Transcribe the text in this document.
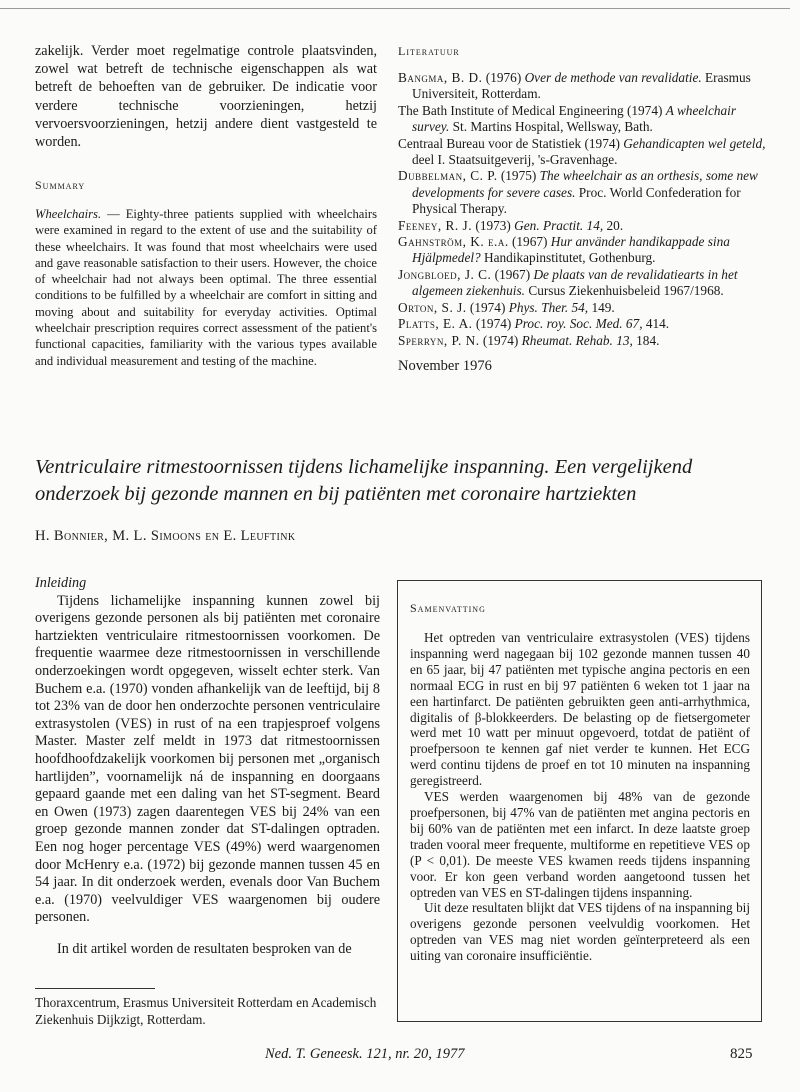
zakelijk. Verder moet regelmatige controle plaatsvinden, zowel wat betreft de technische eigenschappen als wat betreft de behoeften van de gebruiker. De indicatie voor verdere technische voorzieningen, hetzij vervoersvoorzieningen, hetzij andere dient vastgesteld te worden.

Summary

Wheelchairs. — Eighty-three patients supplied with wheelchairs were examined in regard to the extent of use and the suitability of these wheelchairs. It was found that most wheelchairs were used and gave reasonable satisfaction to their users. However, the choice of wheelchair had not always been optimal. The three essential conditions to be fulfilled by a wheelchair are comfort in sitting and moving about and suitability for everyday activities. Optimal wheelchair prescription requires correct assessment of the patient's functional capacities, familiarity with the various types available and individual measurement and testing of the machine.

Literatuur

Bangma, B. D. (1976) Over de methode van revalidatie. Erasmus Universiteit, Rotterdam.

The Bath Institute of Medical Engineering (1974) A wheelchair survey. St. Martins Hospital, Wellsway, Bath.

Centraal Bureau voor de Statistiek (1974) Gehandicapten wel geteld, deel I. Staatsuitgeverij, 's-Gravenhage.

Dubbelman, C. P. (1975) The wheelchair as an orthesis, some new developments for severe cases. Proc. World Confederation for Physical Therapy.

Feeney, R. J. (1973) Gen. Practit. 14, 20.

Gahnström, K. e.a. (1967) Hur använder handikappade sina Hjälpmedel? Handikapinstitutet, Gothenburg.

Jongbloed, J. C. (1967) De plaats van de revalidatiearts in het algemeen ziekenhuis. Cursus Ziekenhuisbeleid 1967/1968.

Orton, S. J. (1974) Phys. Ther. 54, 149.

Platts, E. A. (1974) Proc. roy. Soc. Med. 67, 414.

Sperryn, P. N. (1974) Rheumat. Rehab. 13, 184.

November 1976
Ventriculaire ritmestoornissen tijdens lichamelijke inspanning. Een vergelijkend onderzoek bij gezonde mannen en bij patiënten met coronaire hartziekten
H. Bonnier, M. L. Simoons en E. Leuftink
Inleiding

Tijdens lichamelijke inspanning kunnen zowel bij overigens gezonde personen als bij patiënten met coronaire hartziekten ventriculaire ritmestoornissen voorkomen. De frequentie waarmee deze ritmestoornissen in verschillende onderzoekingen wordt opgegeven, wisselt echter sterk. Van Buchem e.a. (1970) vonden afhankelijk van de leeftijd, bij 8 tot 23% van de door hen onderzochte personen ventriculaire extrasystolen (VES) in rust of na een trapjesproef volgens Master. Master zelf meldt in 1973 dat ritmestoornissen hoofdhoofdzakelijk voorkomen bij personen met „organisch hartlijden”, voornamelijk ná de inspanning en doorgaans gepaard gaande met een daling van het ST-segment. Beard en Owen (1973) zagen daarentegen VES bij 24% van een groep gezonde mannen zonder dat ST-dalingen optraden. Een nog hoger percentage VES (49%) werd waargenomen door McHenry e.a. (1972) bij gezonde mannen tussen 45 en 54 jaar. In dit onderzoek werden, evenals door Van Buchem e.a. (1970) veelvuldiger VES waargenomen bij oudere personen.

In dit artikel worden de resultaten besproken van de

Thoraxcentrum, Erasmus Universiteit Rotterdam en Academisch Ziekenhuis Dijkzigt, Rotterdam.
Samenvatting

Het optreden van ventriculaire extrasystolen (VES) tijdens inspanning werd nagegaan bij 102 gezonde mannen tussen 40 en 65 jaar, bij 47 patiënten met typische angina pectoris en een normaal ECG in rust en bij 97 patiënten 6 weken tot 1 jaar na een hartinfarct. De patiënten gebruikten geen anti-arrhythmica, digitalis of β-blokkeerders. De belasting op de fietsergometer werd met 10 watt per minuut opgevoerd, totdat de patiënt of proefpersoon te kennen gaf niet verder te kunnen. Het ECG werd continu tijdens de proef en tot 10 minuten na inspanning geregistreerd.

VES werden waargenomen bij 48% van de gezonde proefpersonen, bij 47% van de patiënten met angina pectoris en bij 60% van de patiënten met een infarct. In deze laatste groep traden vooral meer frequente, multiforme en repetitieve VES op (P < 0,01). De meeste VES kwamen reeds tijdens inspanning voor. Er kon geen verband worden aangetoond tussen het optreden van VES en ST-dalingen tijdens inspanning.

Uit deze resultaten blijkt dat VES tijdens of na inspanning bij overigens gezonde personen veelvuldig voorkomen. Het optreden van VES mag niet worden geïnterpreteerd als een uiting van coronaire insufficiëntie.

Ned. T. Geneesk. 121, nr. 20, 1977	825
